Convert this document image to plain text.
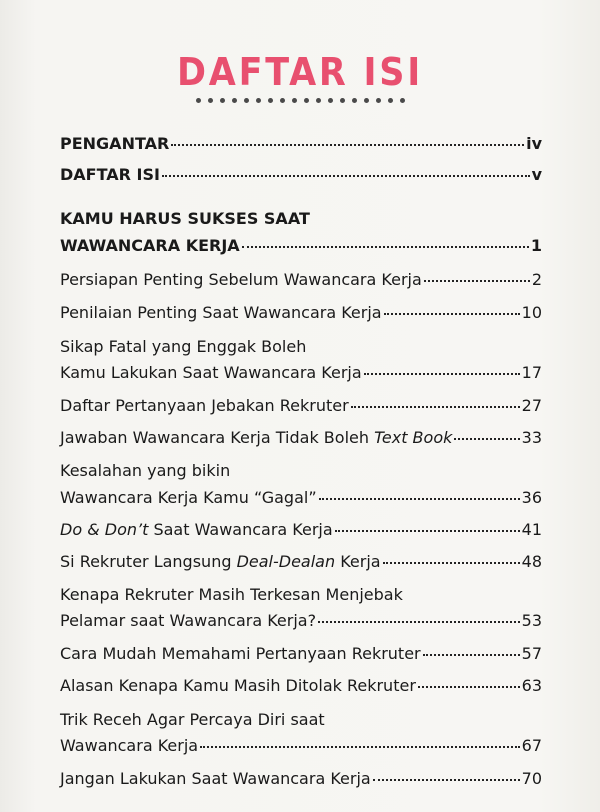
DAFTAR ISI
PENGANTAR	iv
DAFTAR ISI	v
KAMU HARUS SUKSES SAAT
WAWANCARA KERJA	1
Persiapan Penting Sebelum Wawancara Kerja	2
Penilaian Penting Saat Wawancara Kerja	10
Sikap Fatal yang Enggak Boleh
Kamu Lakukan Saat Wawancara Kerja	17
Daftar Pertanyaan Jebakan Rekruter	27
Jawaban Wawancara Kerja Tidak Boleh Text Book	33
Kesalahan yang bikin
Wawancara Kerja Kamu “Gagal”	36
Do & Don’t Saat Wawancara Kerja	41
Si Rekruter Langsung Deal-Dealan Kerja	48
Kenapa Rekruter Masih Terkesan Menjebak
Pelamar saat Wawancara Kerja?	53
Cara Mudah Memahami Pertanyaan Rekruter	57
Alasan Kenapa Kamu Masih Ditolak Rekruter	63
Trik Receh Agar Percaya Diri saat
Wawancara Kerja	67
Jangan Lakukan Saat Wawancara Kerja	70
